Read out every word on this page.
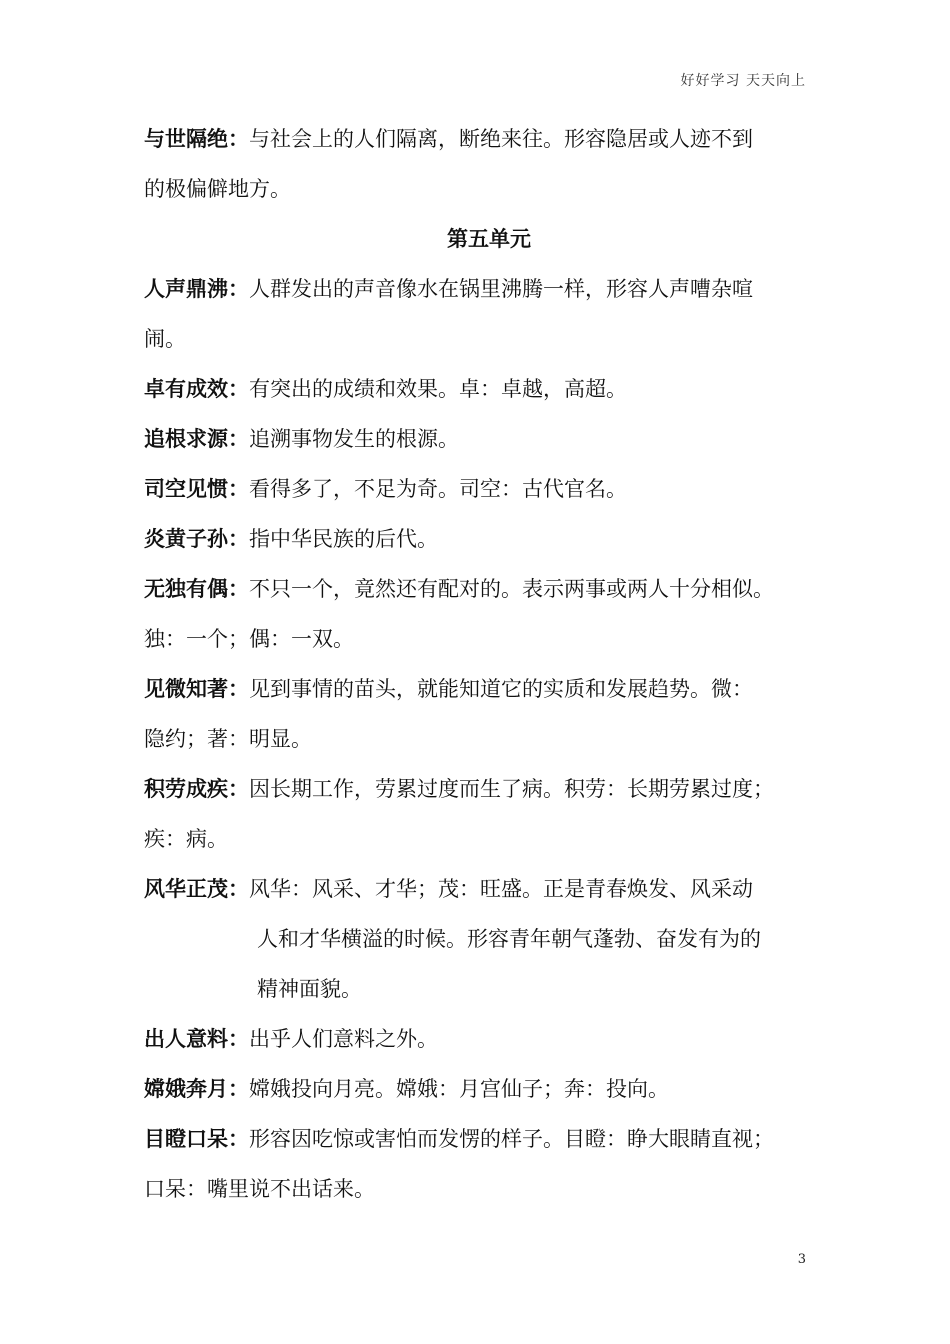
好好学习 天天向上
与世隔绝：与社会上的人们隔离，断绝来往。形容隐居或人迹不到
的极偏僻地方。
第五单元
人声鼎沸：人群发出的声音像水在锅里沸腾一样，形容人声嘈杂喧
闹。
卓有成效：有突出的成绩和效果。卓：卓越，高超。
追根求源：追溯事物发生的根源。
司空见惯：看得多了，不足为奇。司空：古代官名。
炎黄子孙：指中华民族的后代。
无独有偶：不只一个，竟然还有配对的。表示两事或两人十分相似。
独：一个；偶：一双。
见微知著：见到事情的苗头，就能知道它的实质和发展趋势。微：
隐约；著：明显。
积劳成疾：因长期工作，劳累过度而生了病。积劳：长期劳累过度；
疾：病。
风华正茂：风华：风采、才华；茂：旺盛。正是青春焕发、风采动
人和才华横溢的时候。形容青年朝气蓬勃、奋发有为的
精神面貌。
出人意料：出乎人们意料之外。
嫦娥奔月：嫦娥投向月亮。嫦娥：月宫仙子；奔：投向。
目瞪口呆：形容因吃惊或害怕而发愣的样子。目瞪：睁大眼睛直视；
口呆：嘴里说不出话来。
3
